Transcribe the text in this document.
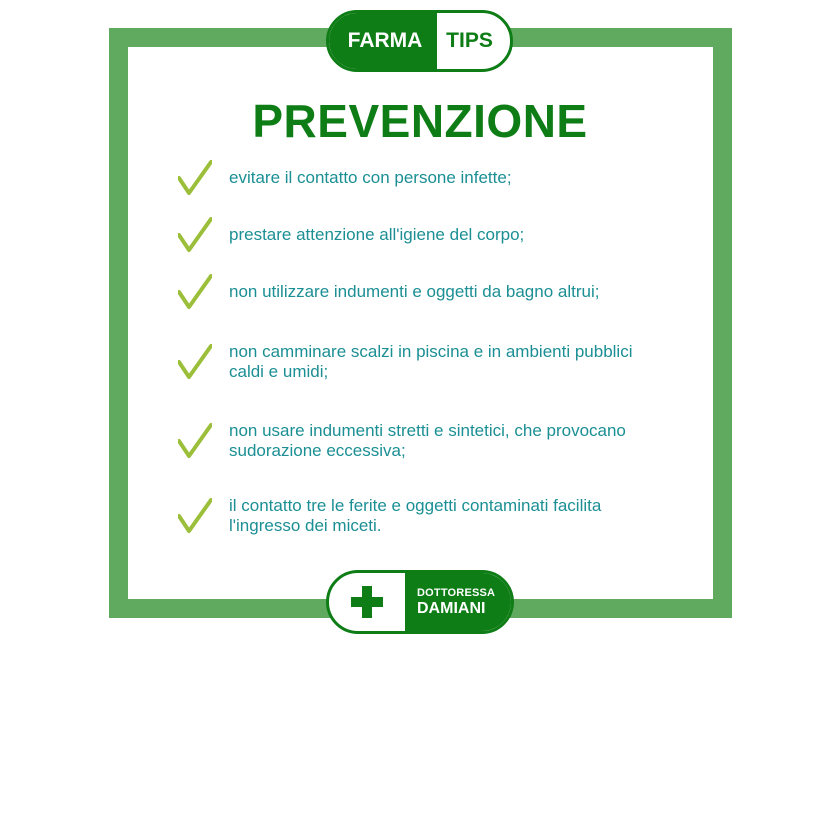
FARMA	TIPS
PREVENZIONE
evitare il contatto con persone infette;
prestare attenzione all'igiene del corpo;
non utilizzare indumenti e oggetti da bagno altrui;
non camminare scalzi in piscina e in ambienti pubblici caldi e umidi;
non usare indumenti stretti e sintetici, che provocano sudorazione eccessiva;
il contatto tre le ferite e oggetti contaminati facilita l'ingresso dei miceti.
DOTTORESSA
DAMIANI
